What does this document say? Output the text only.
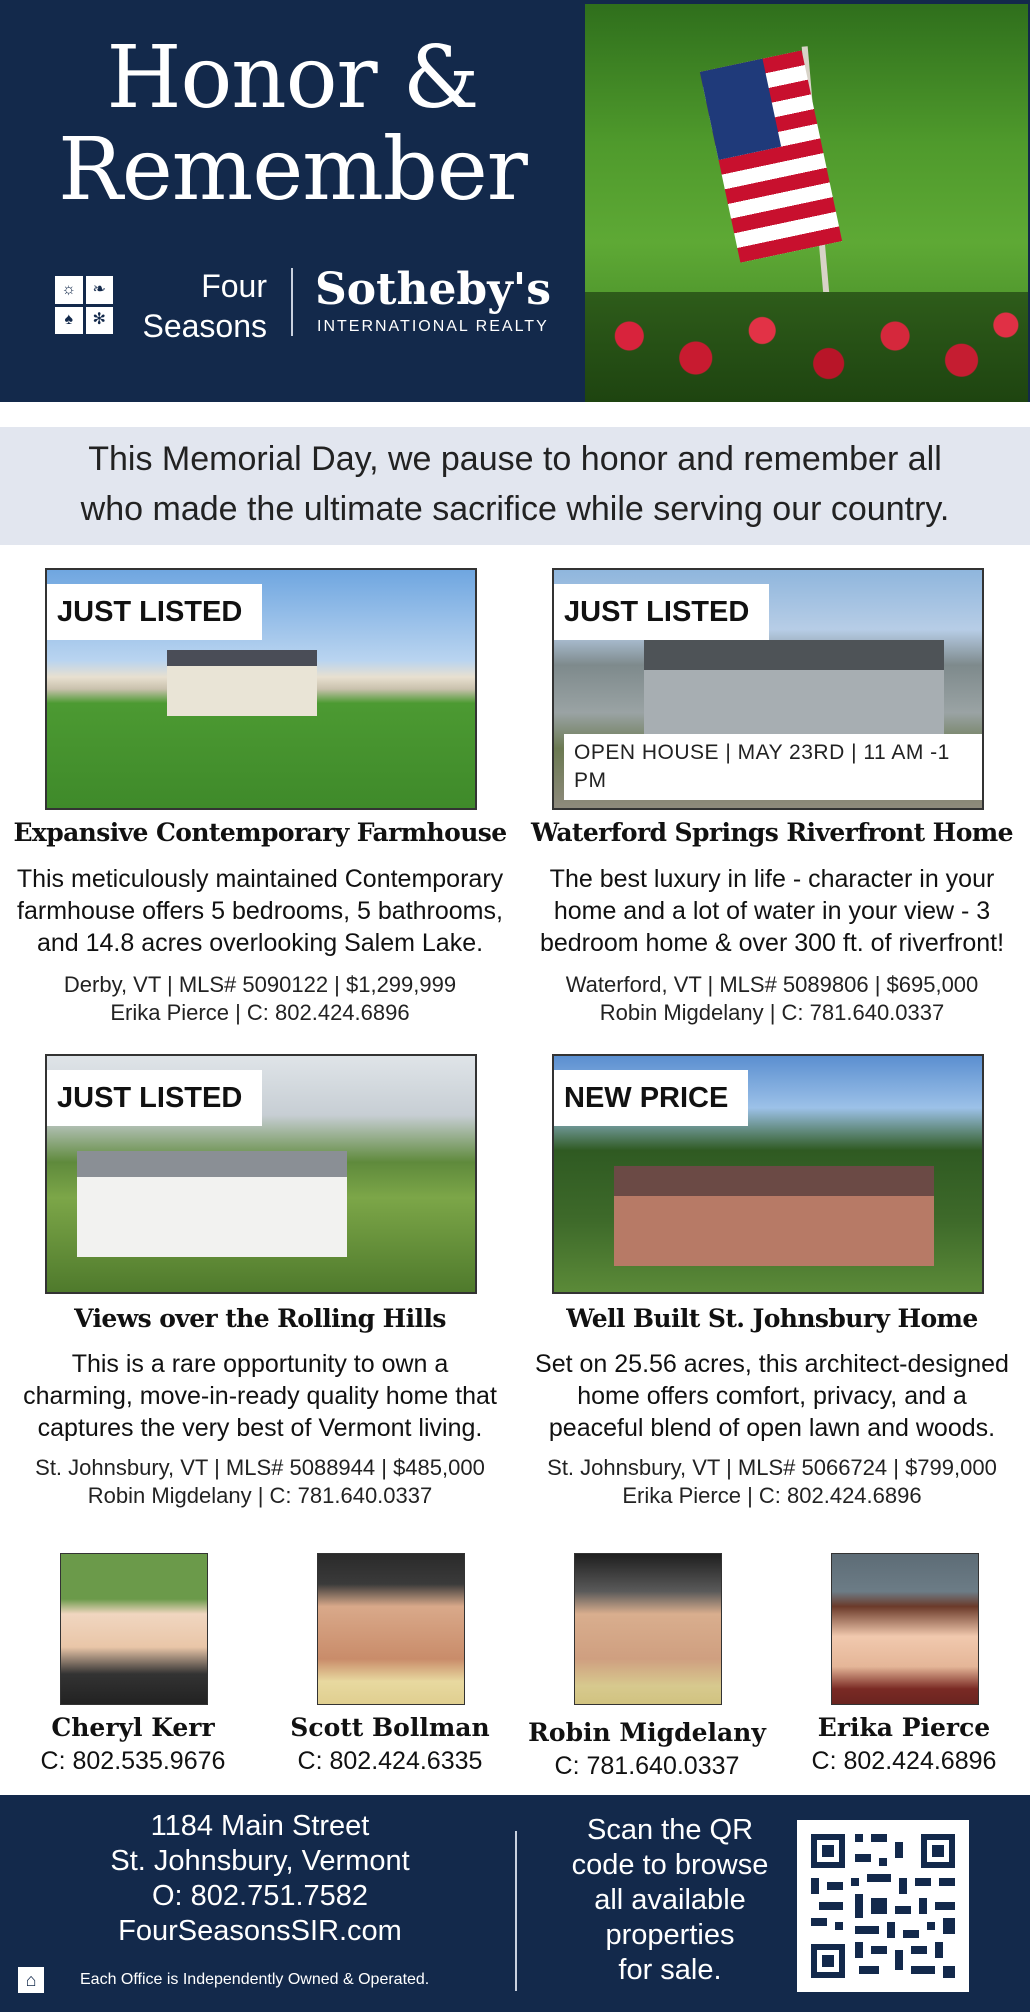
Honor &
Remember
☼	❧
♠	✻
Four
Seasons
Sotheby's
INTERNATIONAL REALTY
This Memorial Day, we pause to honor and remember all
who made the ultimate sacrifice while serving our country.
JUST LISTED
Expansive Contemporary Farmhouse
This meticulously maintained Contemporary
farmhouse offers 5 bedrooms, 5 bathrooms,
and 14.8 acres overlooking Salem Lake.
Derby, VT | MLS# 5090122 | $1,299,999
Erika Pierce | C: 802.424.6896
JUST LISTED
OPEN HOUSE | MAY 23RD | 11 AM -1 PM
Waterford Springs Riverfront Home
The best luxury in life - character in your
home and a lot of water in your view - 3
bedroom home & over 300 ft. of riverfront!
Waterford, VT | MLS# 5089806 | $695,000
Robin Migdelany | C: 781.640.0337
JUST LISTED
Views over the Rolling Hills
This is a rare opportunity to own a
charming, move-in-ready quality home that
captures the very best of Vermont living.
St. Johnsbury, VT | MLS# 5088944 | $485,000
Robin Migdelany | C: 781.640.0337
NEW PRICE
Well Built St. Johnsbury Home
Set on 25.56 acres, this architect-designed
home offers comfort, privacy, and a
peaceful blend of open lawn and woods.
St. Johnsbury, VT | MLS# 5066724 | $799,000
Erika Pierce | C: 802.424.6896
Cheryl Kerr
C: 802.535.9676
Scott Bollman
C: 802.424.6335
Robin Migdelany
C: 781.640.0337
Erika Pierce
C: 802.424.6896
1184 Main Street
St. Johnsbury, Vermont
O: 802.751.7582
FourSeasonsSIR.com
Scan the QR
code to browse
all available
properties
for sale.
⌂	Each Office is Independently Owned & Operated.
